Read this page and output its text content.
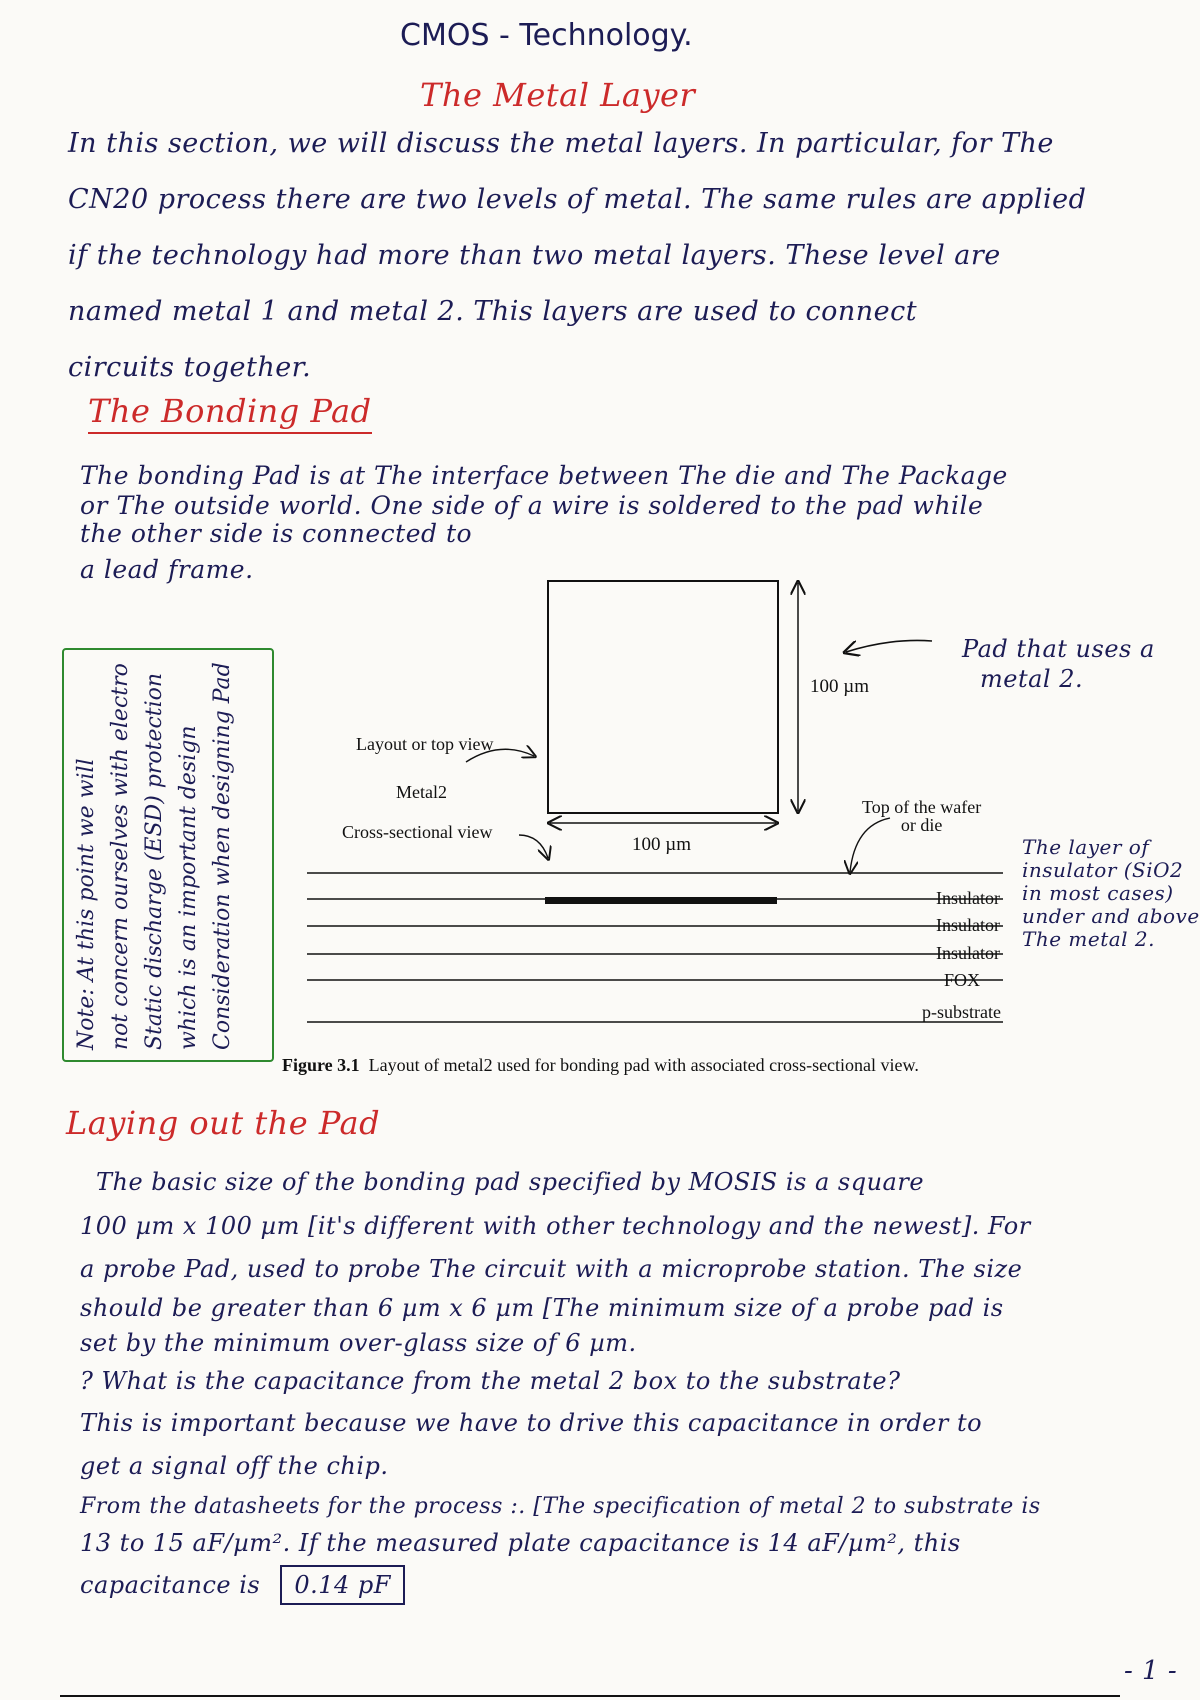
CMOS - Technology.
The Metal Layer
In this section, we will discuss the metal layers. In particular, for The
CN20 process there are two levels of metal. The same rules are applied
if the technology had more than two metal layers. These level are
named metal 1 and metal 2. This layers are used to connect
circuits together.
The Bonding Pad
The bonding Pad is at The interface between The die and The Package
or The outside world. One side of a wire is soldered to the pad while
the other side is connected to
a lead frame.
Note: At this point we will not concern ourselves with electro Static discharge (ESD) protection which is an important design Consideration when designing Pad	100 µm
100 µm
Layout or top view
Metal2
Cross-sectional view
Top of the wafer
or die
Insulator
Insulator
Insulator
FOX
p-substrate
Figure 3.1 Layout of metal2 used for bonding pad with associated cross-sectional view.
Pad that uses a
metal 2.
The layer of
insulator (SiO2
in most cases)
under and above
The metal 2.
Laying out the Pad
The basic size of the bonding pad specified by MOSIS is a square
100 µm x 100 µm [it's different with other technology and the newest]. For
a probe Pad, used to probe The circuit with a microprobe station. The size
should be greater than 6 µm x 6 µm [The minimum size of a probe pad is
set by the minimum over-glass size of 6 µm.
? What is the capacitance from the metal 2 box to the substrate?
This is important because we have to drive this capacitance in order to
get a signal off the chip.
From the datasheets for the process :. [The specification of metal 2 to substrate is
13 to 15 aF/µm². If the measured plate capacitance is 14 aF/µm², this
capacitance is 0.14 pF
- 1 -
